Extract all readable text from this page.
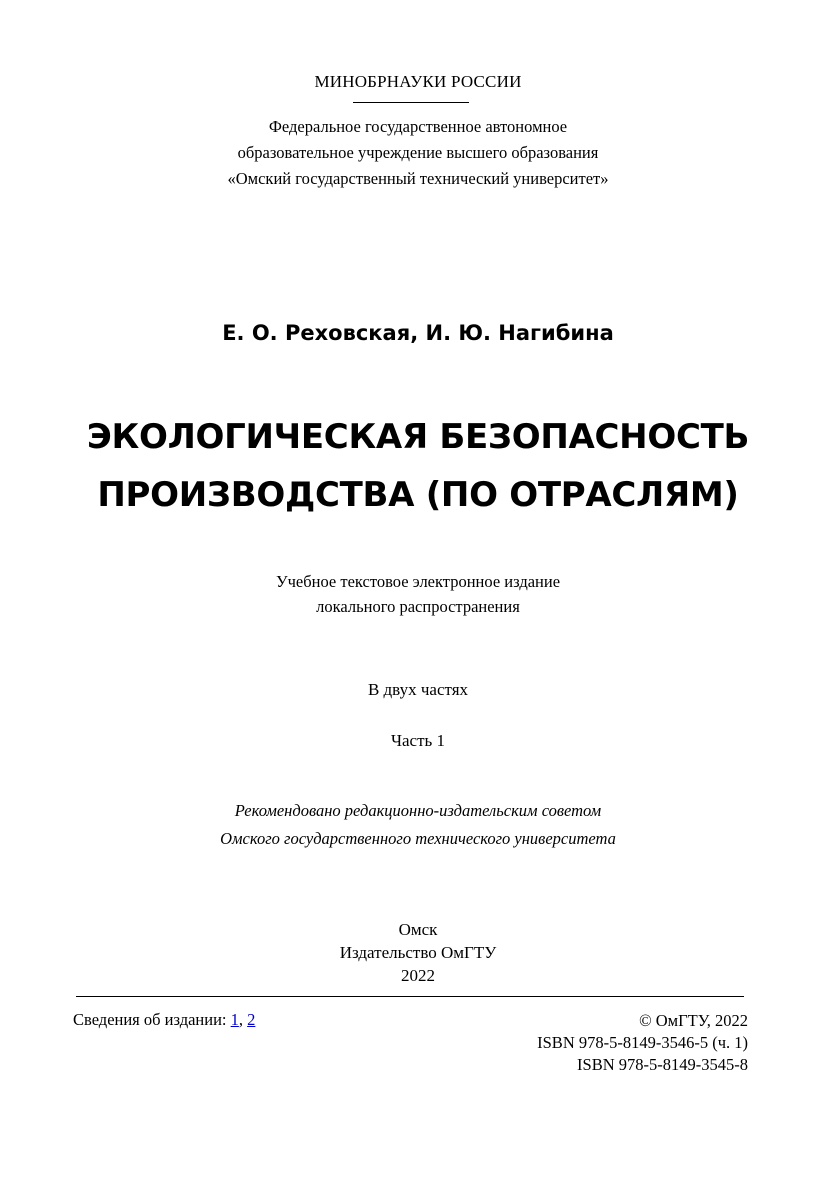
МИНОБРНАУКИ РОССИИ
Федеральное государственное автономное
образовательное учреждение высшего образования
«Омский государственный технический университет»
Е. О. Реховская, И. Ю. Нагибина
ЭКОЛОГИЧЕСКАЯ БЕЗОПАСНОСТЬ
ПРОИЗВОДСТВА (ПО ОТРАСЛЯМ)
Учебное текстовое электронное издание
локального распространения
В двух частях
Часть 1
Рекомендовано редакционно-издательским советом
Омского государственного технического университета
Омск
Издательство ОмГТУ
2022
Сведения об издании: 1, 2	© ОмГТУ, 2022
ISBN 978-5-8149-3546-5 (ч. 1)
ISBN 978-5-8149-3545-8
